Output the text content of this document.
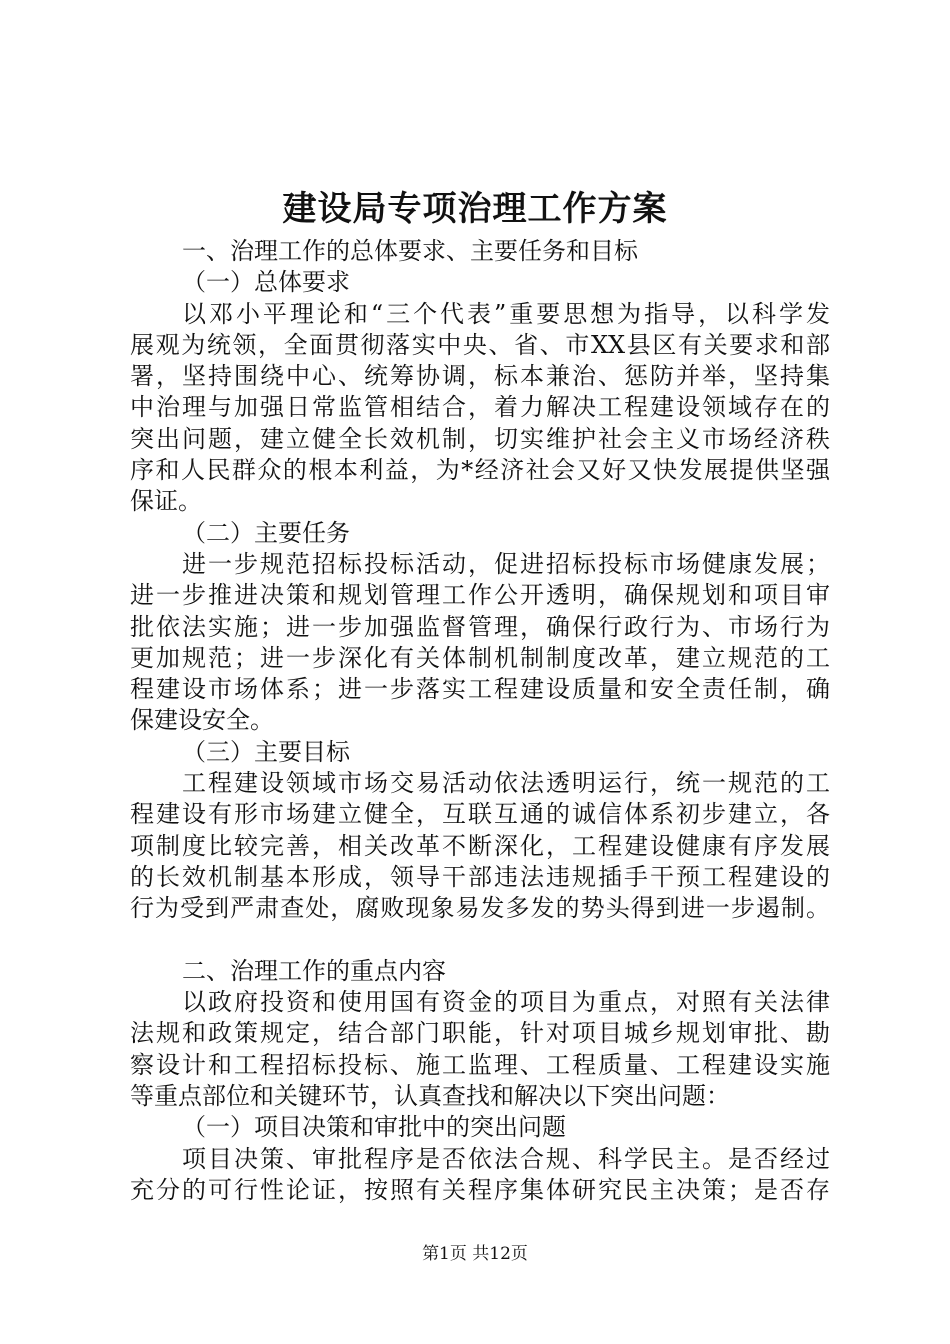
建设局专项治理工作方案
一、治理工作的总体要求、主要任务和目标
（一）总体要求
以邓小平理论和“三个代表”重要思想为指导，以科学发
展观为统领，全面贯彻落实中央、省、市XX县区有关要求和部
署，坚持围绕中心、统筹协调，标本兼治、惩防并举，坚持集
中治理与加强日常监管相结合，着力解决工程建设领域存在的
突出问题，建立健全长效机制，切实维护社会主义市场经济秩
序和人民群众的根本利益，为*经济社会又好又快发展提供坚强
保证。
（二）主要任务
进一步规范招标投标活动，促进招标投标市场健康发展；
进一步推进决策和规划管理工作公开透明，确保规划和项目审
批依法实施；进一步加强监督管理，确保行政行为、市场行为
更加规范；进一步深化有关体制机制制度改革，建立规范的工
程建设市场体系；进一步落实工程建设质量和安全责任制，确
保建设安全。
（三）主要目标
工程建设领域市场交易活动依法透明运行，统一规范的工
程建设有形市场建立健全，互联互通的诚信体系初步建立，各
项制度比较完善，相关改革不断深化，工程建设健康有序发展
的长效机制基本形成，领导干部违法违规插手干预工程建设的
行为受到严肃查处，腐败现象易发多发的势头得到进一步遏制。
二、治理工作的重点内容
以政府投资和使用国有资金的项目为重点，对照有关法律
法规和政策规定，结合部门职能，针对项目城乡规划审批、勘
察设计和工程招标投标、施工监理、工程质量、工程建设实施
等重点部位和关键环节，认真查找和解决以下突出问题：
（一）项目决策和审批中的突出问题
项目决策、审批程序是否依法合规、科学民主。是否经过
充分的可行性论证，按照有关程序集体研究民主决策；是否存
第1页 共12页
